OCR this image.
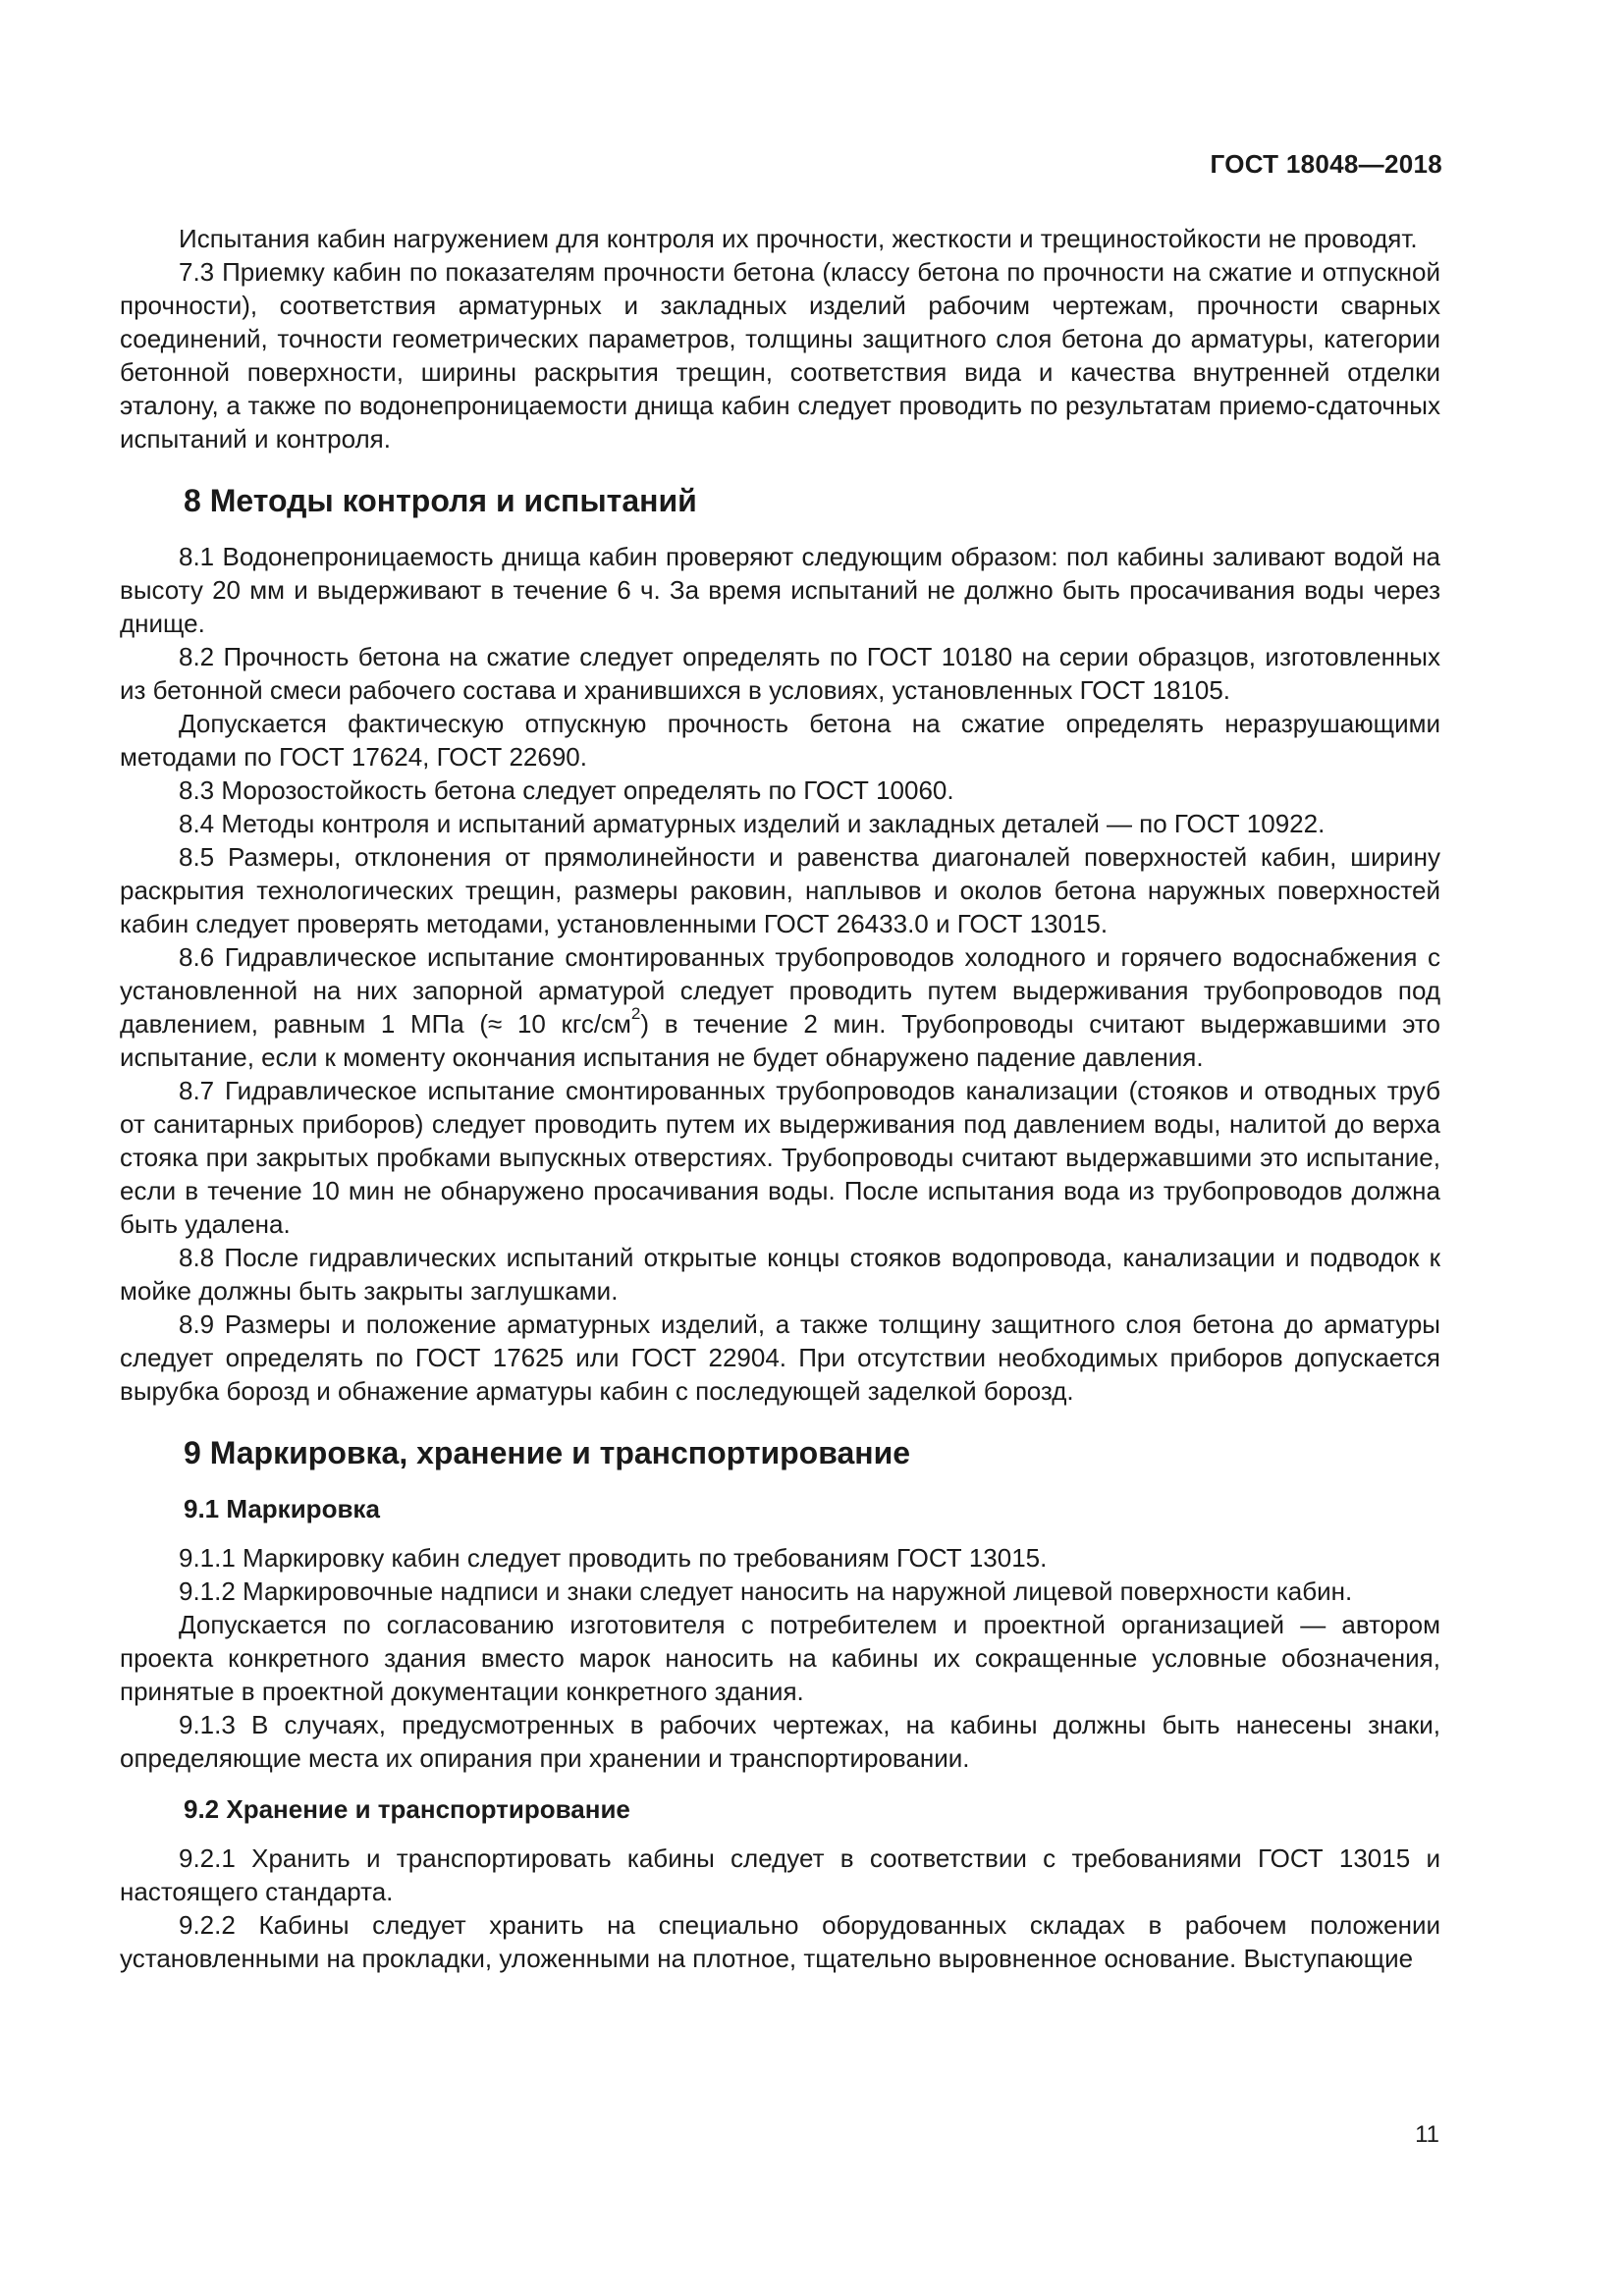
ГОСТ 18048—2018

Испытания кабин нагружением для контроля их прочности, жесткости и трещиностойкости не проводят.

7.3 Приемку кабин по показателям прочности бетона (классу бетона по прочности на сжатие и отпускной прочности), соответствия арматурных и закладных изделий рабочим чертежам, прочности сварных соединений, точности геометрических параметров, толщины защитного слоя бетона до арматуры, категории бетонной поверхности, ширины раскрытия трещин, соответствия вида и качества внутренней отделки эталону, а также по водонепроницаемости днища кабин следует проводить по результатам приемо-сдаточных испытаний и контроля.

8 Методы контроля и испытаний

8.1 Водонепроницаемость днища кабин проверяют следующим образом: пол кабины заливают водой на высоту 20 мм и выдерживают в течение 6 ч. За время испытаний не должно быть просачивания воды через днище.

8.2 Прочность бетона на сжатие следует определять по ГОСТ 10180 на серии образцов, изготовленных из бетонной смеси рабочего состава и хранившихся в условиях, установленных ГОСТ 18105.

Допускается фактическую отпускную прочность бетона на сжатие определять неразрушающими методами по ГОСТ 17624, ГОСТ 22690.

8.3 Морозостойкость бетона следует определять по ГОСТ 10060.

8.4 Методы контроля и испытаний арматурных изделий и закладных деталей — по ГОСТ 10922.

8.5 Размеры, отклонения от прямолинейности и равенства диагоналей поверхностей кабин, ширину раскрытия технологических трещин, размеры раковин, наплывов и околов бетона наружных поверхностей кабин следует проверять методами, установленными ГОСТ 26433.0 и ГОСТ 13015.

8.6 Гидравлическое испытание смонтированных трубопроводов холодного и горячего водоснабжения с установленной на них запорной арматурой следует проводить путем выдерживания трубопроводов под давлением, равным 1 МПа (≈ 10 кгс/$см^2$) в течение 2 мин. Трубопроводы считают выдержавшими это испытание, если к моменту окончания испытания не будет обнаружено падение давления.

8.7 Гидравлическое испытание смонтированных трубопроводов канализации (стояков и отводных труб от санитарных приборов) следует проводить путем их выдерживания под давлением воды, налитой до верха стояка при закрытых пробками выпускных отверстиях. Трубопроводы считают выдержавшими это испытание, если в течение 10 мин не обнаружено просачивания воды. После испытания вода из трубопроводов должна быть удалена.

8.8 После гидравлических испытаний открытые концы стояков водопровода, канализации и подводок к мойке должны быть закрыты заглушками.

8.9 Размеры и положение арматурных изделий, а также толщину защитного слоя бетона до арматуры следует определять по ГОСТ 17625 или ГОСТ 22904. При отсутствии необходимых приборов допускается вырубка борозд и обнажение арматуры кабин с последующей заделкой борозд.

9 Маркировка, хранение и транспортирование
9.1 Маркировка

9.1.1 Маркировку кабин следует проводить по требованиям ГОСТ 13015.

9.1.2 Маркировочные надписи и знаки следует наносить на наружной лицевой поверхности кабин.

Допускается по согласованию изготовителя с потребителем и проектной организацией — автором проекта конкретного здания вместо марок наносить на кабины их сокращенные условные обозначения, принятые в проектной документации конкретного здания.

9.1.3 В случаях, предусмотренных в рабочих чертежах, на кабины должны быть нанесены знаки, определяющие места их опирания при хранении и транспортировании.

9.2 Хранение и транспортирование

9.2.1 Хранить и транспортировать кабины следует в соответствии с требованиями ГОСТ 13015 и настоящего стандарта.

9.2.2 Кабины следует хранить на специально оборудованных складах в рабочем положении установленными на прокладки, уложенными на плотное, тщательно выровненное основание. Выступающие

11
